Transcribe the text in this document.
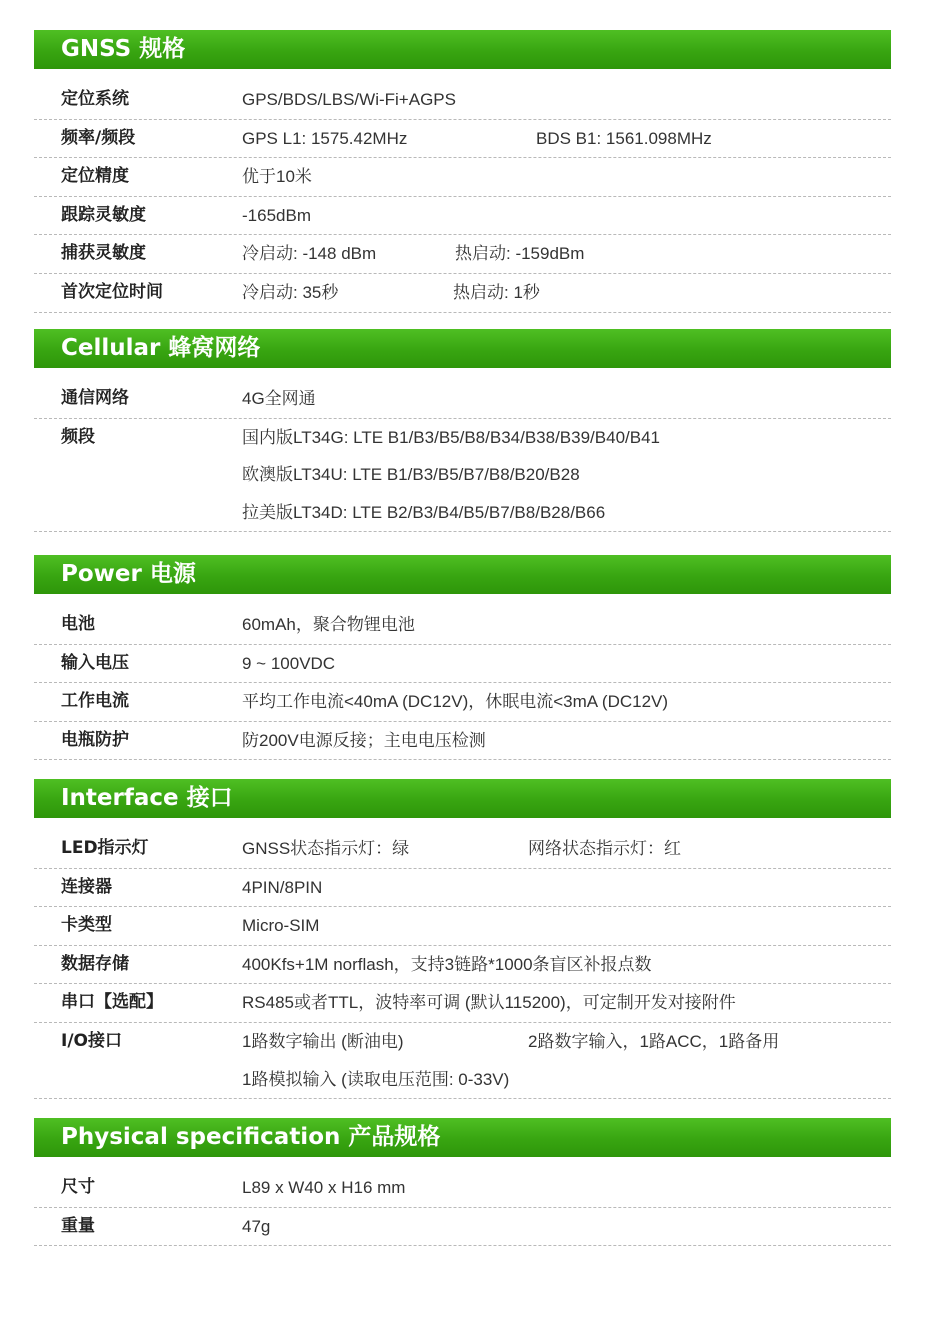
GNSS 规格
定位系统	GPS/BDS/LBS/Wi-Fi+AGPS
频率/频段	GPS L1: 1575.42MHz	BDS B1: 1561.098MHz
定位精度	优于10米
跟踪灵敏度	-165dBm
捕获灵敏度	冷启动: -148 dBm	热启动: -159dBm
首次定位时间	冷启动: 35秒	热启动: 1秒
Cellular 蜂窝网络
通信网络	4G全网通
频段	国内版LT34G: LTE B1/B3/B5/B8/B34/B38/B39/B40/B41
欧澳版LT34U: LTE B1/B3/B5/B7/B8/B20/B28
拉美版LT34D: LTE B2/B3/B4/B5/B7/B8/B28/B66
Power 电源
电池	60mAh，聚合物锂电池
输入电压	9 ~ 100VDC
工作电流	平均工作电流<40mA (DC12V)，休眠电流<3mA (DC12V)
电瓶防护	防200V电源反接；主电电压检测
Interface 接口
LED指示灯	GNSS状态指示灯：绿	网络状态指示灯：红
连接器	4PIN/8PIN
卡类型	Micro-SIM
数据存储	400Kfs+1M norflash，支持3链路*1000条盲区补报点数
串口【选配】	RS485或者TTL，波特率可调 (默认115200)，可定制开发对接附件
I/O接口	1路数字输出 (断油电)	2路数字输入，1路ACC，1路备用
1路模拟输入 (读取电压范围: 0-33V)
Physical specification 产品规格
尺寸	L89 x W40 x H16 mm
重量	47g
